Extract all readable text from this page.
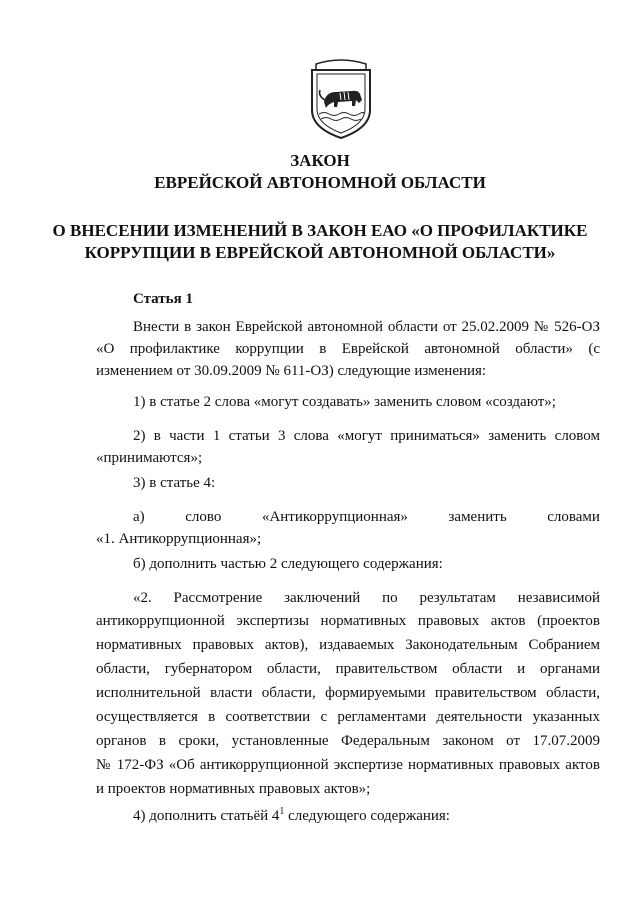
ЗАКОН
ЕВРЕЙСКОЙ АВТОНОМНОЙ ОБЛАСТИ
О ВНЕСЕНИИ ИЗМЕНЕНИЙ В ЗАКОН ЕАО «О ПРОФИЛАКТИКЕ
КОРРУПЦИИ В ЕВРЕЙСКОЙ АВТОНОМНОЙ ОБЛАСТИ»
Статья 1
Внести в закон Еврейской автономной области от 25.02.2009 № 526-ОЗ
«О профилактике коррупции в Еврейской автономной области» (с
изменением от 30.09.2009 № 611-ОЗ) следующие изменения:
1) в статье 2 слова «могут создавать» заменить словом «создают»;
2) в части 1 статьи 3 слова «могут приниматься» заменить словом
«принимаются»;
3) в статье 4:
а)	слово	«Антикоррупционная»	заменить	словами
«1. Антикоррупционная»;
б) дополнить частью 2 следующего содержания:
«2. Рассмотрение заключений по результатам независимой
антикоррупционной экспертизы нормативных правовых актов (проектов
нормативных правовых актов), издаваемых Законодательным Собранием
области, губернатором области, правительством области и органами
исполнительной власти области, формируемыми правительством области,
осуществляется в соответствии с регламентами деятельности указанных
органов в сроки, установленные Федеральным законом от 17.07.2009
№ 172-ФЗ «Об антикоррупционной экспертизе нормативных правовых актов
и проектов нормативных правовых актов»;
4) дополнить статьёй $4^1$ следующего содержания:
